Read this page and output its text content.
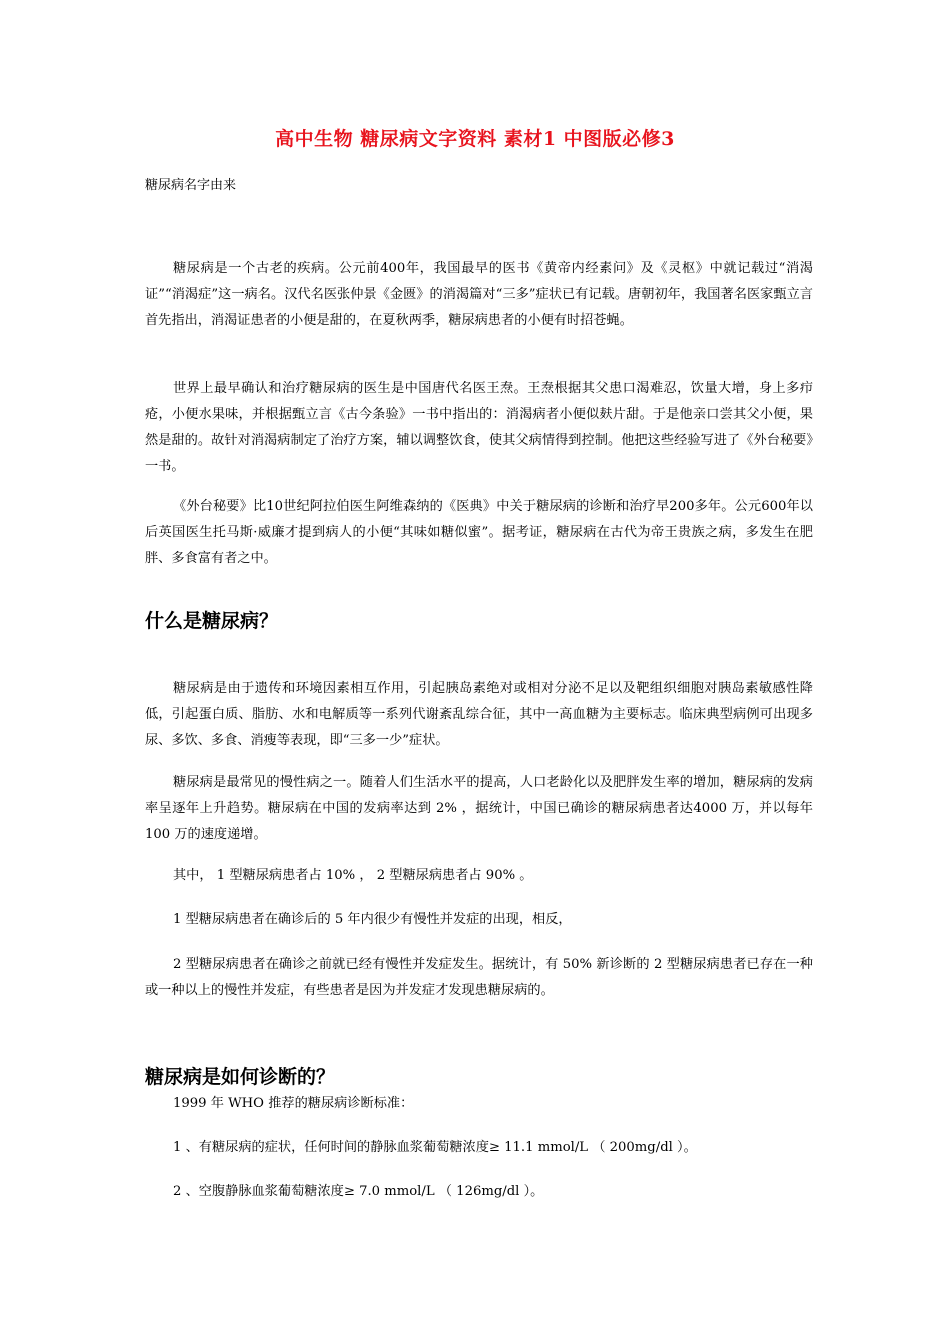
高中生物 糖尿病文字资料 素材1 中图版必修3
糖尿病名字由来

糖尿病是一个古老的疾病。公元前400年，我国最早的医书《黄帝内经素问》及《灵枢》中就记载过“消渴证”“消渴症”这一病名。汉代名医张仲景《金匮》的消渴篇对“三多”症状已有记载。唐朝初年，我国著名医家甄立言首先指出，消渴证患者的小便是甜的，在夏秋两季，糖尿病患者的小便有时招苍蝇。

世界上最早确认和治疗糖尿病的医生是中国唐代名医王焘。王焘根据其父患口渴难忍，饮量大增，身上多疖疮，小便水果味，并根据甄立言《古今条验》一书中指出的：消渴病者小便似麸片甜。于是他亲口尝其父小便，果然是甜的。故针对消渴病制定了治疗方案，辅以调整饮食，使其父病情得到控制。他把这些经验写进了《外台秘要》一书。

《外台秘要》比10世纪阿拉伯医生阿维森纳的《医典》中关于糖尿病的诊断和治疗早200多年。公元600年以后英国医生托马斯·威廉才提到病人的小便“其味如糖似蜜”。据考证，糖尿病在古代为帝王贵族之病，多发生在肥胖、多食富有者之中。

什么是糖尿病？

糖尿病是由于遗传和环境因素相互作用，引起胰岛素绝对或相对分泌不足以及靶组织细胞对胰岛素敏感性降低，引起蛋白质、脂肪、水和电解质等一系列代谢紊乱综合征，其中一高血糖为主要标志。临床典型病例可出现多尿、多饮、多食、消瘦等表现，即“三多一少”症状。

糖尿病是最常见的慢性病之一。随着人们生活水平的提高，人口老龄化以及肥胖发生率的增加，糖尿病的发病率呈逐年上升趋势。糖尿病在中国的发病率达到 2% ，据统计，中国已确诊的糖尿病患者达4000 万，并以每年 100 万的速度递增。

其中， 1 型糖尿病患者占 10% ， 2 型糖尿病患者占 90% 。

1 型糖尿病患者在确诊后的 5 年内很少有慢性并发症的出现，相反，

2 型糖尿病患者在确诊之前就已经有慢性并发症发生。据统计，有 50% 新诊断的 2 型糖尿病患者已存在一种或一种以上的慢性并发症，有些患者是因为并发症才发现患糖尿病的。

糖尿病是如何诊断的？

1999 年 WHO 推荐的糖尿病诊断标准：

1 、有糖尿病的症状，任何时间的静脉血浆葡萄糖浓度≥ 11.1 mmol/L （ 200mg/dl ）。

2 、空腹静脉血浆葡萄糖浓度≥ 7.0 mmol/L （ 126mg/dl ）。
